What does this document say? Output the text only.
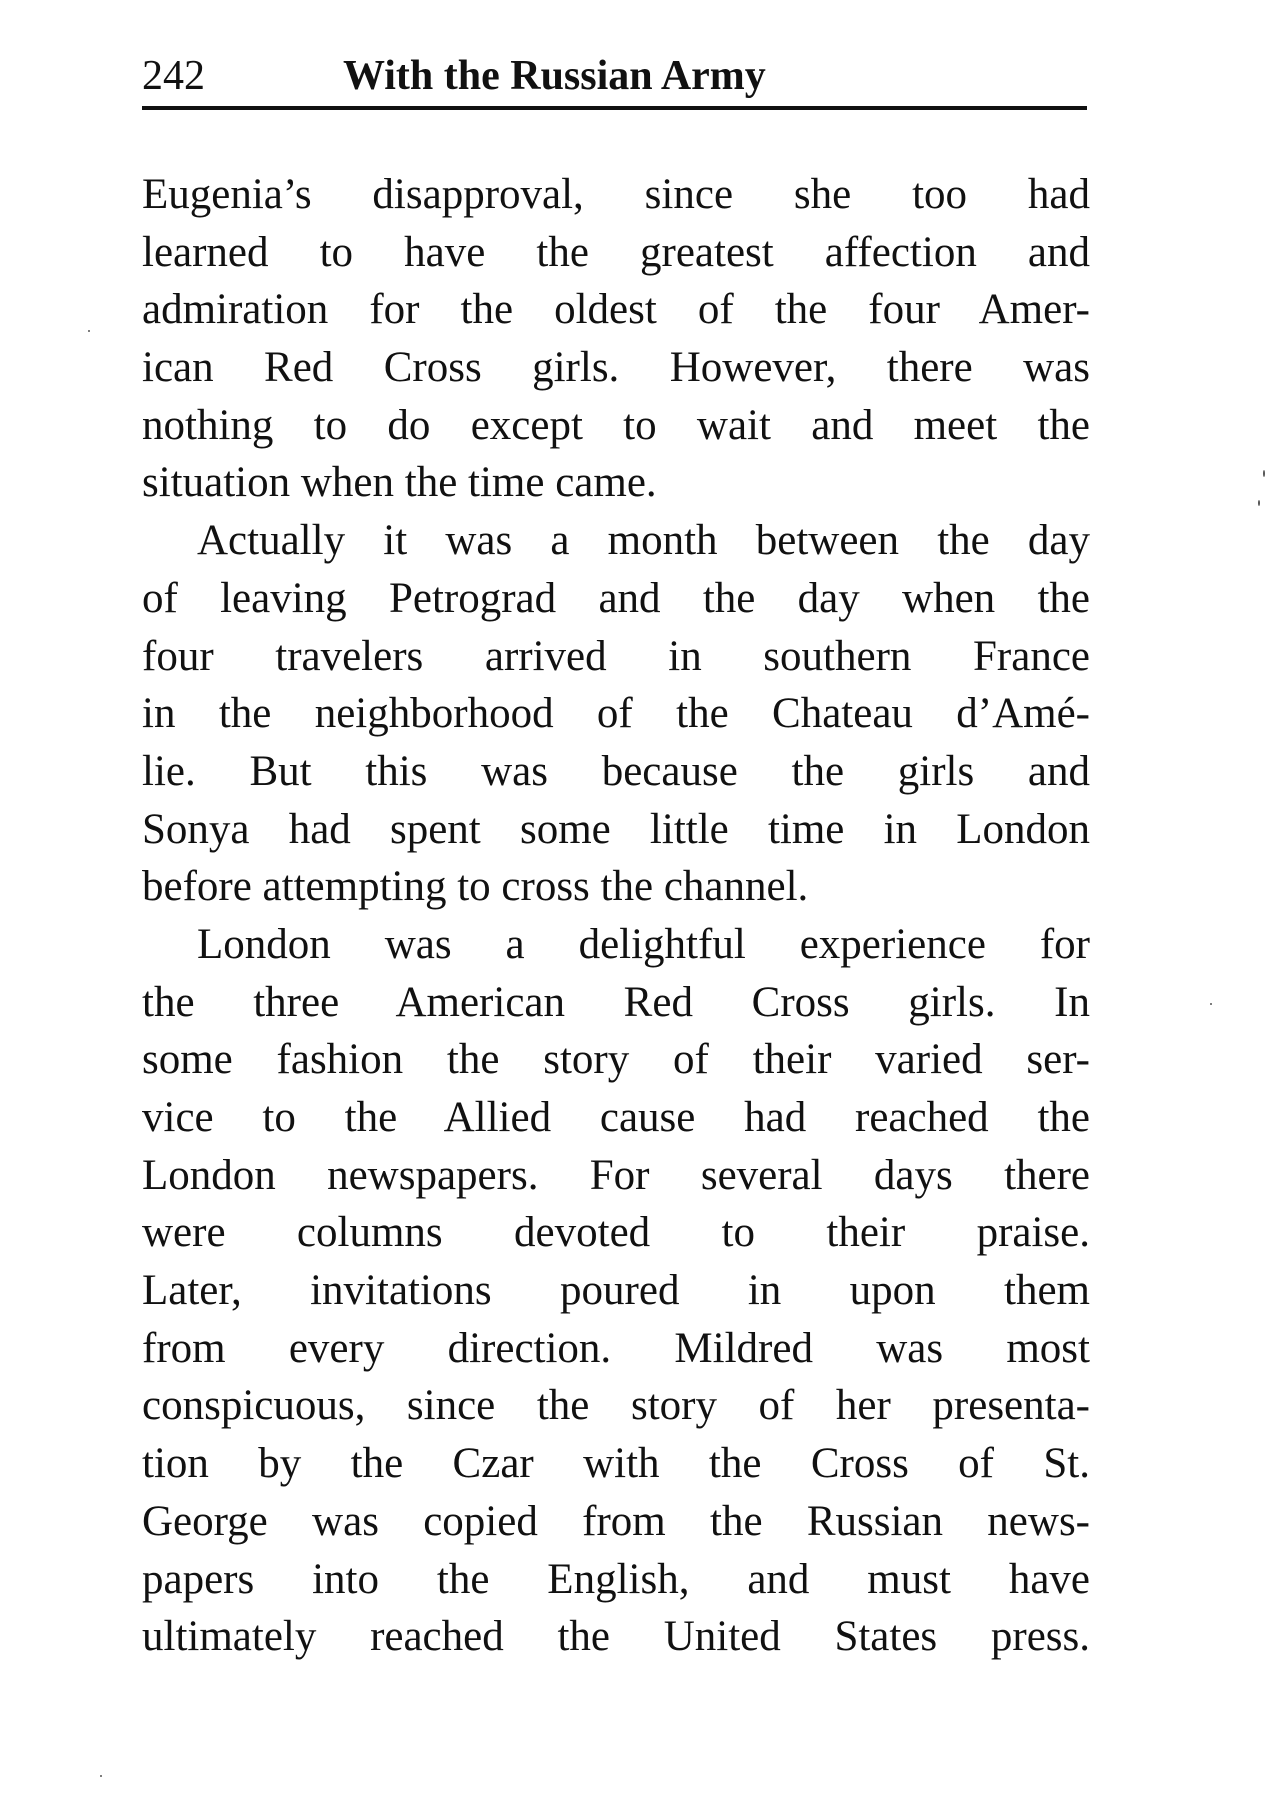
242	With the Russian Army
Eugenia’s disapproval, since she too had
learned to have the greatest affection and
admiration for the oldest of the four Amer-
ican Red Cross girls. However, there was
nothing to do except to wait and meet the
situation when the time came.
Actually it was a month between the day
of leaving Petrograd and the day when the
four travelers arrived in southern France
in the neighborhood of the Chateau d’Amé-
lie. But this was because the girls and
Sonya had spent some little time in London
before attempting to cross the channel.
London was a delightful experience for
the three American Red Cross girls. In
some fashion the story of their varied ser-
vice to the Allied cause had reached the
London newspapers. For several days there
were columns devoted to their praise.
Later, invitations poured in upon them
from every direction. Mildred was most
conspicuous, since the story of her presenta-
tion by the Czar with the Cross of St.
George was copied from the Russian news-
papers into the English, and must have
ultimately reached the United States press.
